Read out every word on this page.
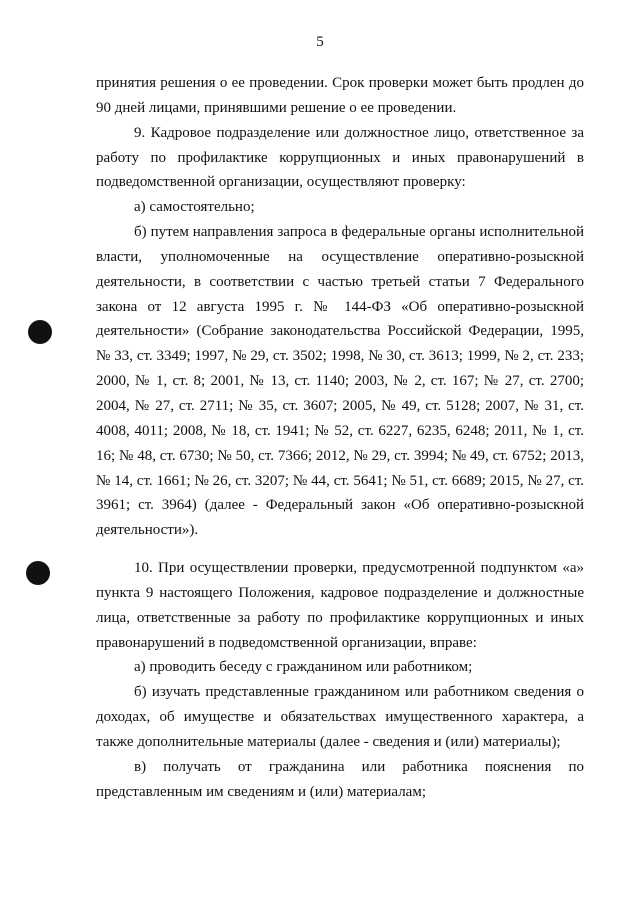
5

принятия решения о ее проведении. Срок проверки может быть продлен до 90 дней лицами, принявшими решение о ее проведении.

9. Кадровое подразделение или должностное лицо, ответственное за работу по профилактике коррупционных и иных правонарушений в подведомственной организации, осуществляют проверку:

а) самостоятельно;

б) путем направления запроса в федеральные органы исполнительной власти, уполномоченные на осуществление оперативно-розыскной деятельности, в соответствии с частью третьей статьи 7 Федерального закона от 12 августа 1995 г. № 144-ФЗ «Об оперативно-розыскной деятельности» (Собрание законодательства Российской Федерации, 1995, № 33, ст. 3349; 1997, № 29, ст. 3502; 1998, № 30, ст. 3613; 1999, № 2, ст. 233; 2000, № 1, ст. 8; 2001, № 13, ст. 1140; 2003, № 2, ст. 167; № 27, ст. 2700; 2004, № 27, ст. 2711; № 35, ст. 3607; 2005, № 49, ст. 5128; 2007, № 31, ст. 4008, 4011; 2008, № 18, ст. 1941; № 52, ст. 6227, 6235, 6248; 2011, № 1, ст. 16; № 48, ст. 6730; № 50, ст. 7366; 2012, № 29, ст. 3994; № 49, ст. 6752; 2013, № 14, ст. 1661; № 26, ст. 3207; № 44, ст. 5641; № 51, ст. 6689; 2015, № 27, ст. 3961; ст. 3964) (далее - Федеральный закон «Об оперативно-розыскной деятельности»).

10. При осуществлении проверки, предусмотренной подпунктом «а» пункта 9 настоящего Положения, кадровое подразделение и должностные лица, ответственные за работу по профилактике коррупционных и иных правонарушений в подведомственной организации, вправе:

а) проводить беседу с гражданином или работником;

б) изучать представленные гражданином или работником сведения о доходах, об имуществе и обязательствах имущественного характера, а также дополнительные материалы (далее - сведения и (или) материалы);

в) получать от гражданина или работника пояснения по представленным им сведениям и (или) материалам;
